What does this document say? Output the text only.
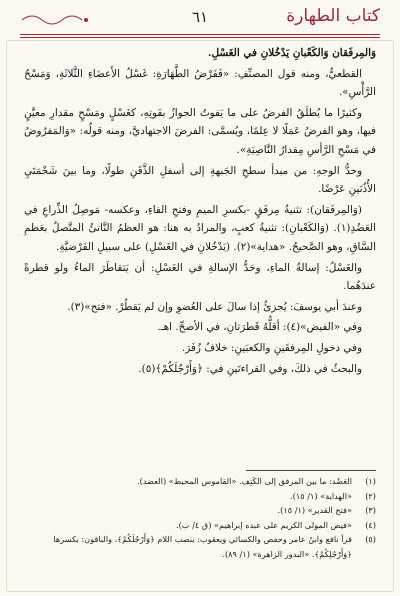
كتاب الطهارة
٦١

وَالمِرفَقان وَالكَعْبانِ يَدْخُلانِ في الغَسْلِ.

القطعيُّ، ومنه قول المصنِّفِ: «فَفَرْضُ الطَّهَارَةِ: غَسْلُ الأَعضَاءِ الثَّلاثَةِ، وَمَسْحُ الرَّأْسِ».

وكثيرًا ما يُطلَقُ الفرضُ على ما يَفوتُ الجوازُ بفَوتِهِ، كغَسْلٍ ومَسْحٍ مقدارِ معيَّنٍ فيها، وهو الفرضُ عَمَلًا لا عِلمًا، ويُسمَّى: الفرضَ الاجتهاديَّ، ومنه قولُه: «وَالمَفرُوضُ في مَسْحِ الرَّأسِ مِقدارُ النَّاصِيَةِ».

وحدُّ الوجهِ: من مبدأ سطحِ الجَبهةِ إلى أسفلِ الذَّقَنِ طولًا، وما بينَ شَحْمَتَيِ الأُذُنَينِ عَرْضًا.

(وَالمِرفَقان): تثنيةُ مِرفَقٍ -بكسرِ الميمِ وفتحِ الفاءِ، وعكسه- مَوصِلُ الذِّراعِ في العَضُدِ(١). (وَالكَعْبانِ): تثنيةُ كعبٍ، والمرادُ به هنا: هو العظمُ النَّاتئُ المتَّصلُ بعَظمِ السَّاقِ، وهو الصَّحيحُ. «هداية»(٢). (يَدْخُلانِ في الغَسْلِ) على سبيلِ الفَرْضيَّةِ.

والغَسْلُ: إسالةُ الماءِ، وحَدُّ الإسالةِ في الغَسْلِ: أن يَتقاطَرَ الماءُ ولو قطرةً عندَهُما.

وعندَ أبي يوسفَ: يُجزئُ إذا سالَ على العُضوِ وإن لم يَقطُرْ. «فتح»(٣).

وفي «الفيض»(٤): أقلُّهُ قَطرَتانِ، في الأصحِّ. اهـ.

وفي دخولِ المِرفقَينِ والكعبَينِ: خلافُ زُفَرَ.

والبحثُ في ذلكَ، وفي القراءتَينِ في: ﴿وَأَرْجُلَكُمْ﴾(٥).

(١)
العَضُد: ما بين المرفق إلى الكَتِف. «القاموس المحيط» (العضد).
(٢)
«الهداية» (١/ ١٥).
(٣)
«فتح القدير» (١/ ١٥).
(٤)
«فيض المولى الكريم على عبده إبراهيم» (ق ٤/ ب).
(٥)
قرأ نافع وابنُ عامر وحفص والكسائي ويعقوب: بنصب اللام ﴿وَأَرْجُلَكُمْ﴾، والباقون: بكسرها ﴿وَأَرْجُلِكُمْ﴾. «البدور الزاهرة» (١/ ٨٩).
